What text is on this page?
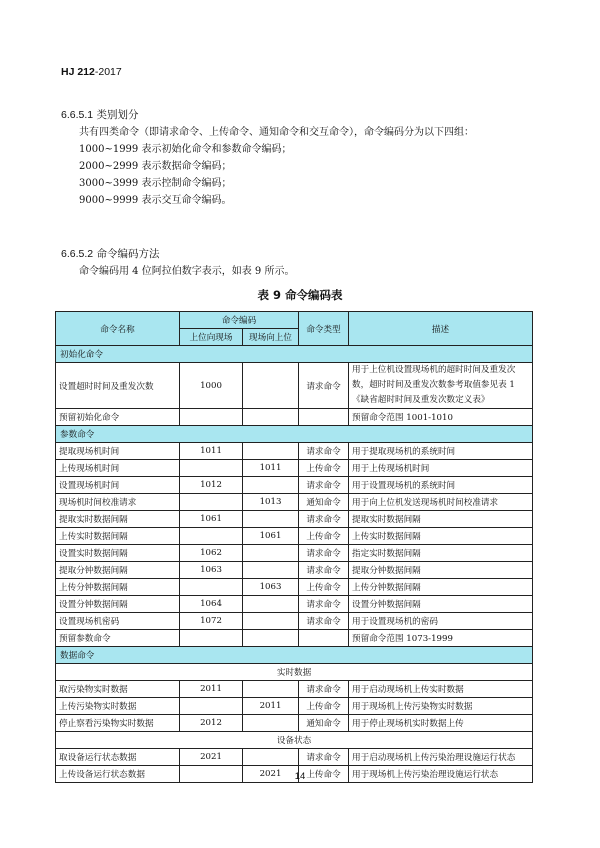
HJ 212-2017
6.6.5.1 类别划分
共有四类命令（即请求命令、上传命令、通知命令和交互命令），命令编码分为以下四组：
1000~1999 表示初始化命令和参数命令编码；
2000~2999 表示数据命令编码；
3000~3999 表示控制命令编码；
9000~9999 表示交互命令编码。
6.6.5.2 命令编码方法
命令编码用 4 位阿拉伯数字表示，如表 9 所示。
表 9 命令编码表
命令名称	命令编码		命令类型	描述
	上位向现场	现场向上位		
初始化命令				
设置超时时间及重发次数	1000		请求命令	用于上位机设置现场机的超时时间及重发次数，超时时间及重发次数参考取值参见表 1《缺省超时时间及重发次数定义表》
预留初始化命令				预留命令范围 1001-1010
参数命令				
提取现场机时间	1011		请求命令	用于提取现场机的系统时间
上传现场机时间		1011	上传命令	用于上传现场机时间
设置现场机时间	1012		请求命令	用于设置现场机的系统时间
现场机时间校准请求		1013	通知命令	用于向上位机发送现场机时间校准请求
提取实时数据间隔	1061		请求命令	提取实时数据间隔
上传实时数据间隔		1061	上传命令	上传实时数据间隔
设置实时数据间隔	1062		请求命令	指定实时数据间隔
提取分钟数据间隔	1063		请求命令	提取分钟数据间隔
上传分钟数据间隔		1063	上传命令	上传分钟数据间隔
设置分钟数据间隔	1064		请求命令	设置分钟数据间隔
设置现场机密码	1072		请求命令	用于设置现场机的密码
预留参数命令				预留命令范围 1073-1999
数据命令				
实时数据				
取污染物实时数据	2011		请求命令	用于启动现场机上传实时数据
上传污染物实时数据		2011	上传命令	用于现场机上传污染物实时数据
停止察看污染物实时数据	2012		通知命令	用于停止现场机实时数据上传
设备状态				
取设备运行状态数据	2021		请求命令	用于启动现场机上传污染治理设施运行状态
上传设备运行状态数据		2021	上传命令	用于现场机上传污染治理设施运行状态
14
